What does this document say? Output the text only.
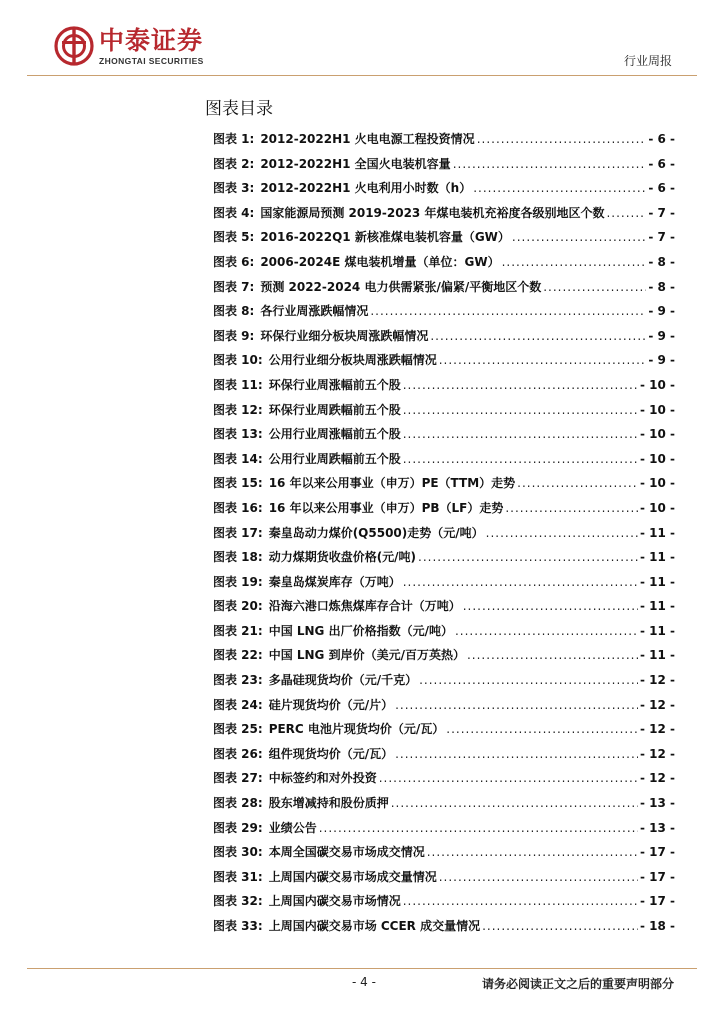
中泰证券
ZHONGTAI SECURITIES	行业周报
图表目录
图表 1: 2012-2022H1 火电电源工程投资情况 .....	- 6 -
图表 2: 2012-2022H1 全国火电装机容量 .....	- 6 -
图表 3: 2012-2022H1 火电利用小时数（h） .....	- 6 -
图表 4: 国家能源局预测 2019-2023 年煤电装机充裕度各级别地区个数 .....	- 7 -
图表 5: 2016-2022Q1 新核准煤电装机容量（GW） .....	- 7 -
图表 6: 2006-2024E 煤电装机增量（单位：GW） .....	- 8 -
图表 7: 预测 2022-2024 电力供需紧张/偏紧/平衡地区个数 .....	- 8 -
图表 8: 各行业周涨跌幅情况 .....	- 9 -
图表 9: 环保行业细分板块周涨跌幅情况 .....	- 9 -
图表 10: 公用行业细分板块周涨跌幅情况 .....	- 9 -
图表 11: 环保行业周涨幅前五个股 .....	- 10 -
图表 12: 环保行业周跌幅前五个股 .....	- 10 -
图表 13: 公用行业周涨幅前五个股 .....	- 10 -
图表 14: 公用行业周跌幅前五个股 .....	- 10 -
图表 15: 16 年以来公用事业（申万）PE（TTM）走势 .....	- 10 -
图表 16: 16 年以来公用事业（申万）PB（LF）走势 .....	- 10 -
图表 17: 秦皇岛动力煤价(Q5500)走势（元/吨） .....	- 11 -
图表 18: 动力煤期货收盘价格(元/吨) .....	- 11 -
图表 19: 秦皇岛煤炭库存（万吨） .....	- 11 -
图表 20: 沿海六港口炼焦煤库存合计（万吨） .....	- 11 -
图表 21: 中国 LNG 出厂价格指数（元/吨） .....	- 11 -
图表 22: 中国 LNG 到岸价（美元/百万英热） .....	- 11 -
图表 23: 多晶硅现货均价（元/千克） .....	- 12 -
图表 24: 硅片现货均价（元/片） .....	- 12 -
图表 25: PERC 电池片现货均价（元/瓦） .....	- 12 -
图表 26: 组件现货均价（元/瓦） .....	- 12 -
图表 27: 中标签约和对外投资 .....	- 12 -
图表 28: 股东增减持和股份质押 .....	- 13 -
图表 29: 业绩公告 .....	- 13 -
图表 30: 本周全国碳交易市场成交情况 .....	- 17 -
图表 31: 上周国内碳交易市场成交量情况 .....	- 17 -
图表 32: 上周国内碳交易市场情况 .....	- 17 -
图表 33: 上周国内碳交易市场 CCER 成交量情况 .....	- 18 -
- 4 -	请务必阅读正文之后的重要声明部分
